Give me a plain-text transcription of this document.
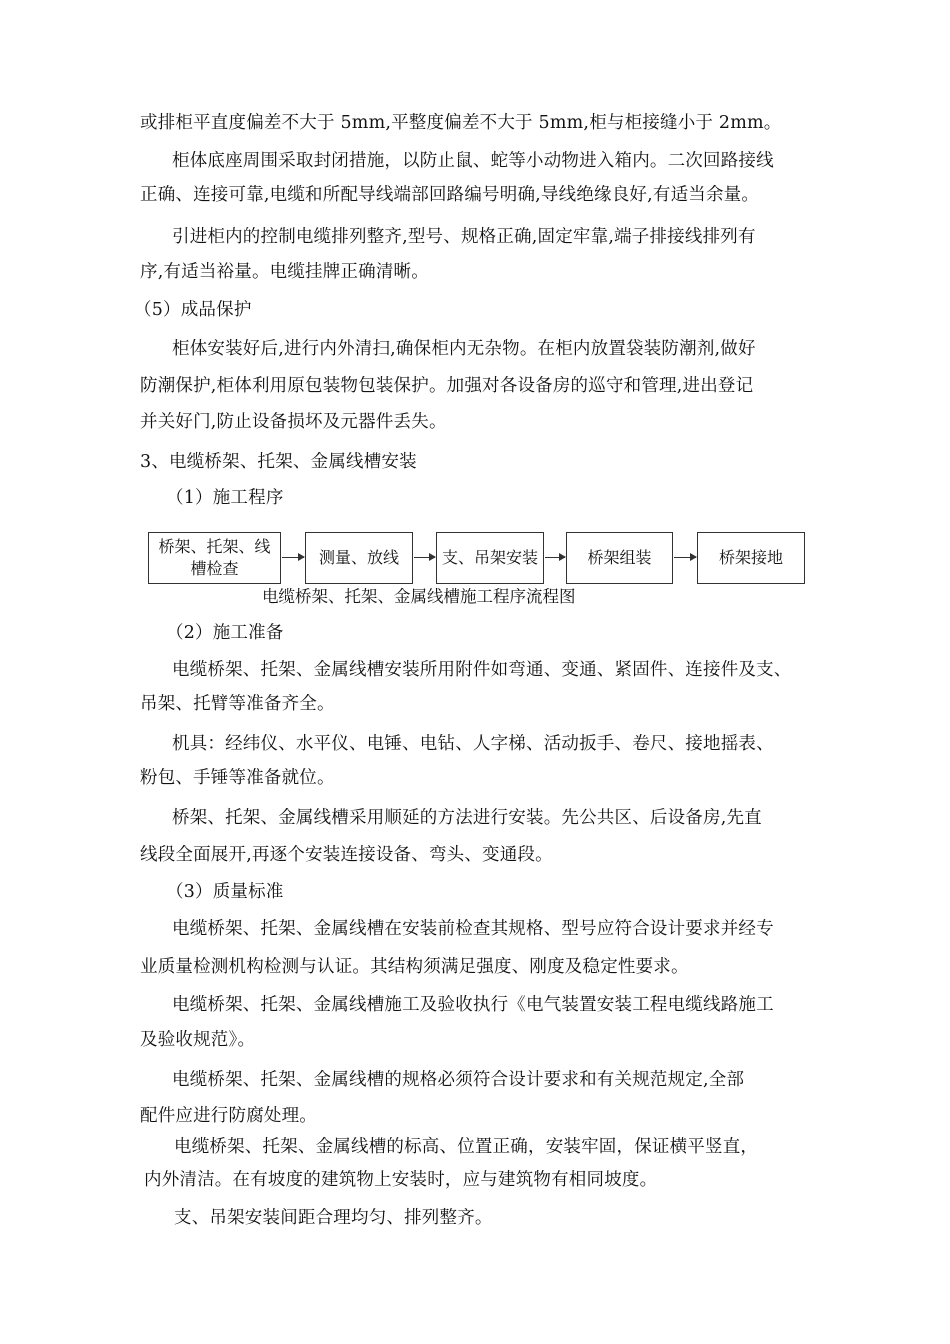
或排柜平直度偏差不大于 5mm,平整度偏差不大于 5mm,柜与柜接缝小于 2mm。
柜体底座周围采取封闭措施，以防止鼠、蛇等小动物进入箱内。二次回路接线
正确、连接可靠,电缆和所配导线端部回路编号明确,导线绝缘良好,有适当余量。
引进柜内的控制电缆排列整齐,型号、规格正确,固定牢靠,端子排接线排列有
序,有适当裕量。电缆挂牌正确清晰。
（5）成品保护
柜体安装好后,进行内外清扫,确保柜内无杂物。在柜内放置袋装防潮剂,做好
防潮保护,柜体利用原包装物包装保护。加强对各设备房的巡守和管理,进出登记
并关好门,防止设备损坏及元器件丢失。
3、电缆桥架、托架、金属线槽安装
（1）施工程序
桥架、托架、线
槽检查
测量、放线	支、吊架安装	桥架组装	桥架接地
电缆桥架、托架、金属线槽施工程序流程图
（2）施工准备
电缆桥架、托架、金属线槽安装所用附件如弯通、变通、紧固件、连接件及支、
吊架、托臂等准备齐全。
机具：经纬仪、水平仪、电锤、电钻、人字梯、活动扳手、卷尺、接地摇表、
粉包、手锤等准备就位。
桥架、托架、金属线槽采用顺延的方法进行安装。先公共区、后设备房,先直
线段全面展开,再逐个安装连接设备、弯头、变通段。
（3）质量标准
电缆桥架、托架、金属线槽在安装前检查其规格、型号应符合设计要求并经专
业质量检测机构检测与认证。其结构须满足强度、刚度及稳定性要求。
电缆桥架、托架、金属线槽施工及验收执行《电气装置安装工程电缆线路施工
及验收规范》。
电缆桥架、托架、金属线槽的规格必须符合设计要求和有关规范规定,全部
配件应进行防腐处理。
电缆桥架、托架、金属线槽的标高、位置正确，安装牢固，保证横平竖直，
内外清洁。在有坡度的建筑物上安装时，应与建筑物有相同坡度。
支、吊架安装间距合理均匀、排列整齐。
